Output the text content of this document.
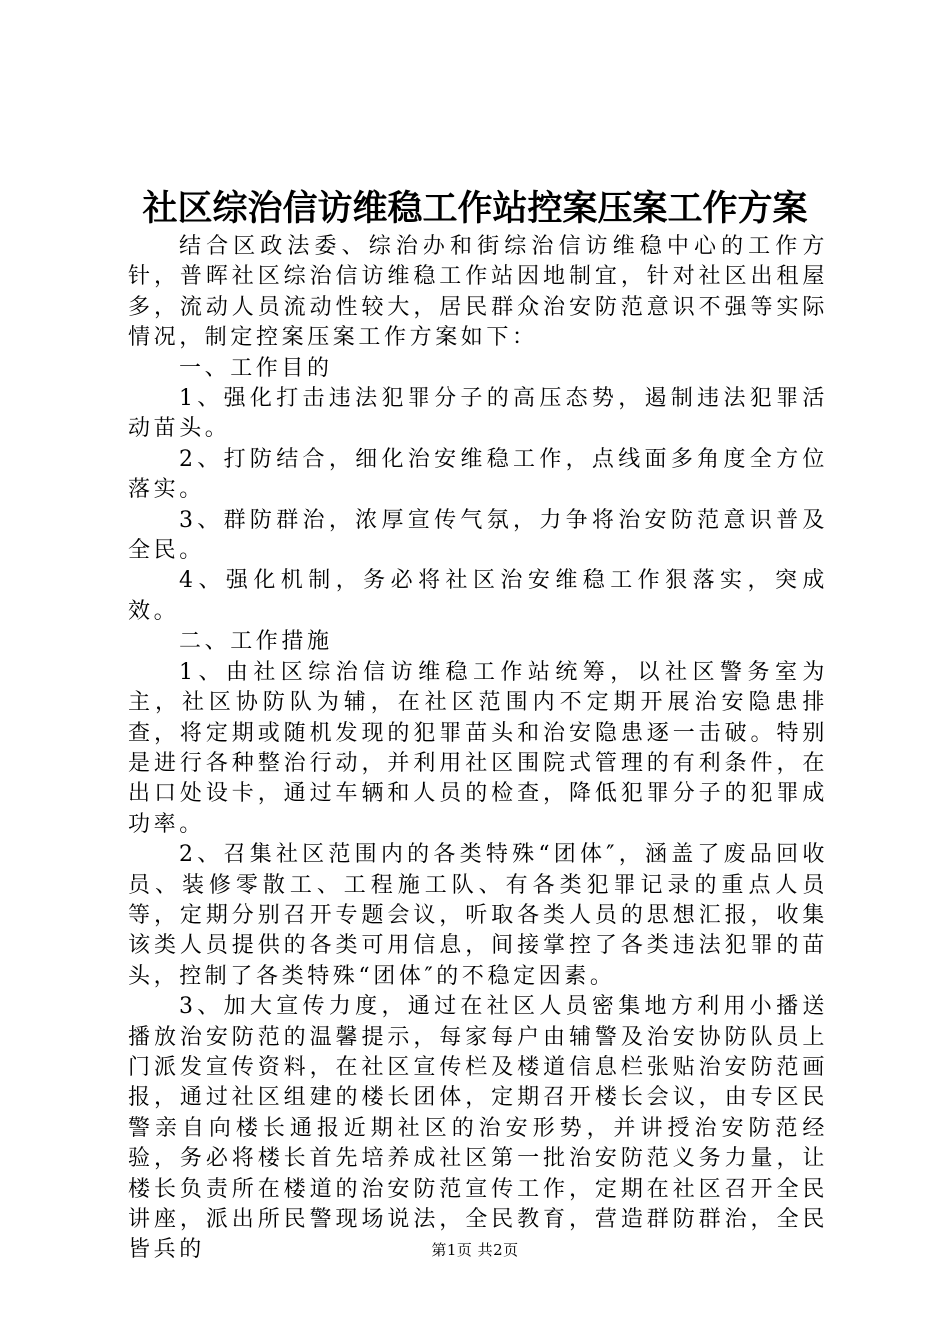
社区综治信访维稳工作站控案压案工作方案

结合区政法委、综治办和街综治信访维稳中心的工作方针，普晖社区综治信访维稳工作站因地制宜，针对社区出租屋多，流动人员流动性较大，居民群众治安防范意识不强等实际情况，制定控案压案工作方案如下：

一、工作目的

1、强化打击违法犯罪分子的高压态势，遏制违法犯罪活动苗头。

2、打防结合，细化治安维稳工作，点线面多角度全方位落实。

3、群防群治，浓厚宣传气氛，力争将治安防范意识普及全民。

4、强化机制，务必将社区治安维稳工作狠落实，突成效。

二、工作措施

1、由社区综治信访维稳工作站统筹，以社区警务室为主，社区协防队为辅，在社区范围内不定期开展治安隐患排查，将定期或随机发现的犯罪苗头和治安隐患逐一击破。特别是进行各种整治行动，并利用社区围院式管理的有利条件，在出口处设卡，通过车辆和人员的检查，降低犯罪分子的犯罪成功率。

2、召集社区范围内的各类特殊“团体″，涵盖了废品回收员、装修零散工、工程施工队、有各类犯罪记录的重点人员等，定期分别召开专题会议，听取各类人员的思想汇报，收集该类人员提供的各类可用信息，间接掌控了各类违法犯罪的苗头，控制了各类特殊“团体″的不稳定因素。

3、加大宣传力度，通过在社区人员密集地方利用小播送播放治安防范的温馨提示，每家每户由辅警及治安协防队员上门派发宣传资料，在社区宣传栏及楼道信息栏张贴治安防范画报，通过社区组建的楼长团体，定期召开楼长会议，由专区民警亲自向楼长通报近期社区的治安形势，并讲授治安防范经验，务必将楼长首先培养成社区第一批治安防范义务力量，让楼长负责所在楼道的治安防范宣传工作，定期在社区召开全民讲座，派出所民警现场说法，全民教育，营造群防群治，全民皆兵的	第1页 共2页
